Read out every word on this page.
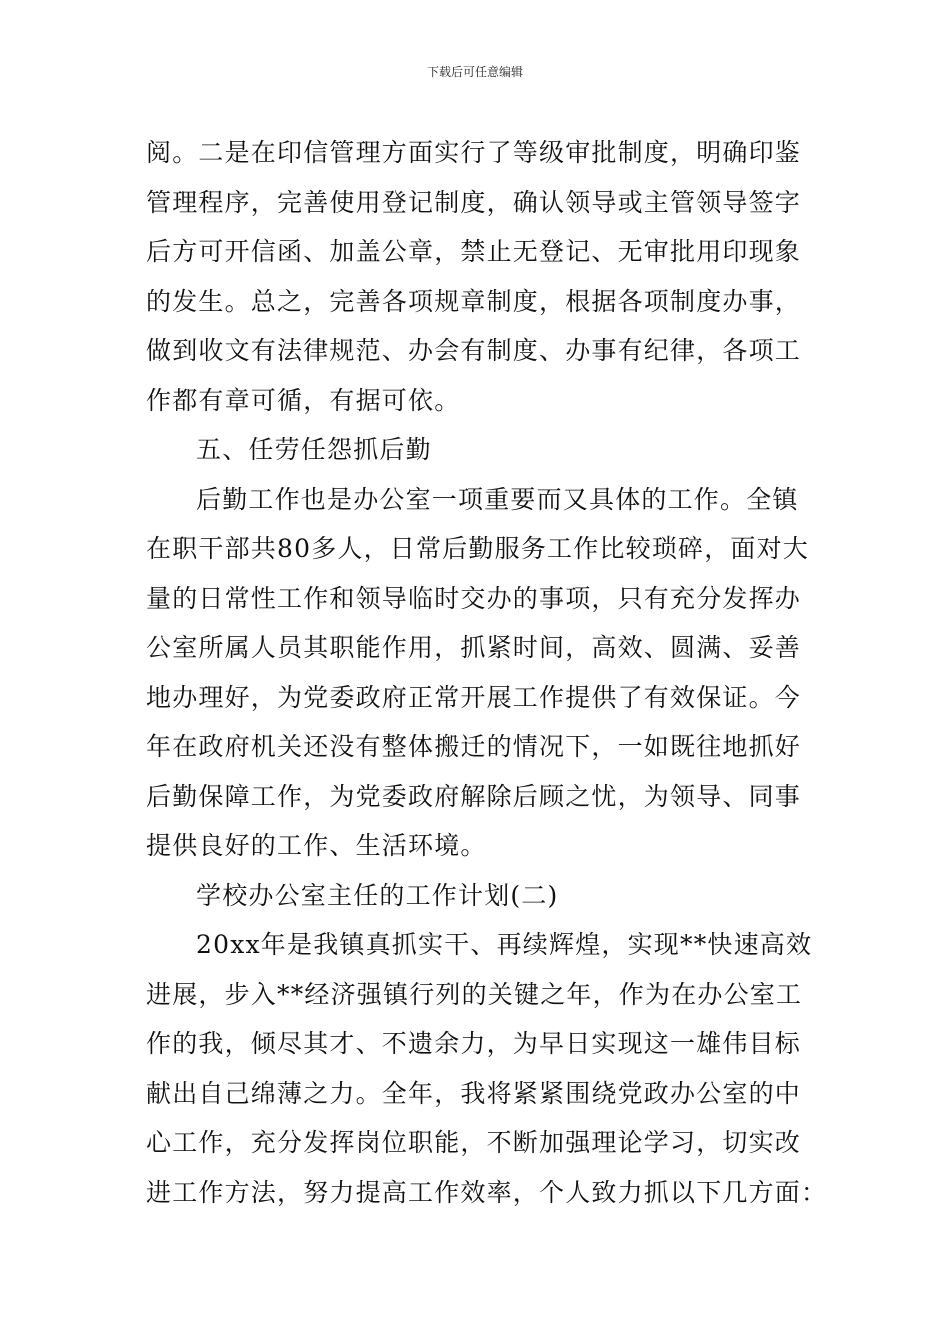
下载后可任意编辑
阅。二是在印信管理方面实行了等级审批制度，明确印鉴
管理程序，完善使用登记制度，确认领导或主管领导签字
后方可开信函、加盖公章，禁止无登记、无审批用印现象
的发生。总之，完善各项规章制度，根据各项制度办事，
做到收文有法律规范、办会有制度、办事有纪律，各项工
作都有章可循，有据可依。
五、任劳任怨抓后勤
后勤工作也是办公室一项重要而又具体的工作。全镇
在职干部共80多人，日常后勤服务工作比较琐碎，面对大
量的日常性工作和领导临时交办的事项，只有充分发挥办
公室所属人员其职能作用，抓紧时间，高效、圆满、妥善
地办理好，为党委政府正常开展工作提供了有效保证。今
年在政府机关还没有整体搬迁的情况下，一如既往地抓好
后勤保障工作，为党委政府解除后顾之忧，为领导、同事
提供良好的工作、生活环境。
学校办公室主任的工作计划(二)
20xx年是我镇真抓实干、再续辉煌，实现**快速高效
进展，步入**经济强镇行列的关键之年，作为在办公室工
作的我，倾尽其才、不遗余力，为早日实现这一雄伟目标
献出自己绵薄之力。全年，我将紧紧围绕党政办公室的中
心工作，充分发挥岗位职能，不断加强理论学习，切实改
进工作方法，努力提高工作效率，个人致力抓以下几方面：
